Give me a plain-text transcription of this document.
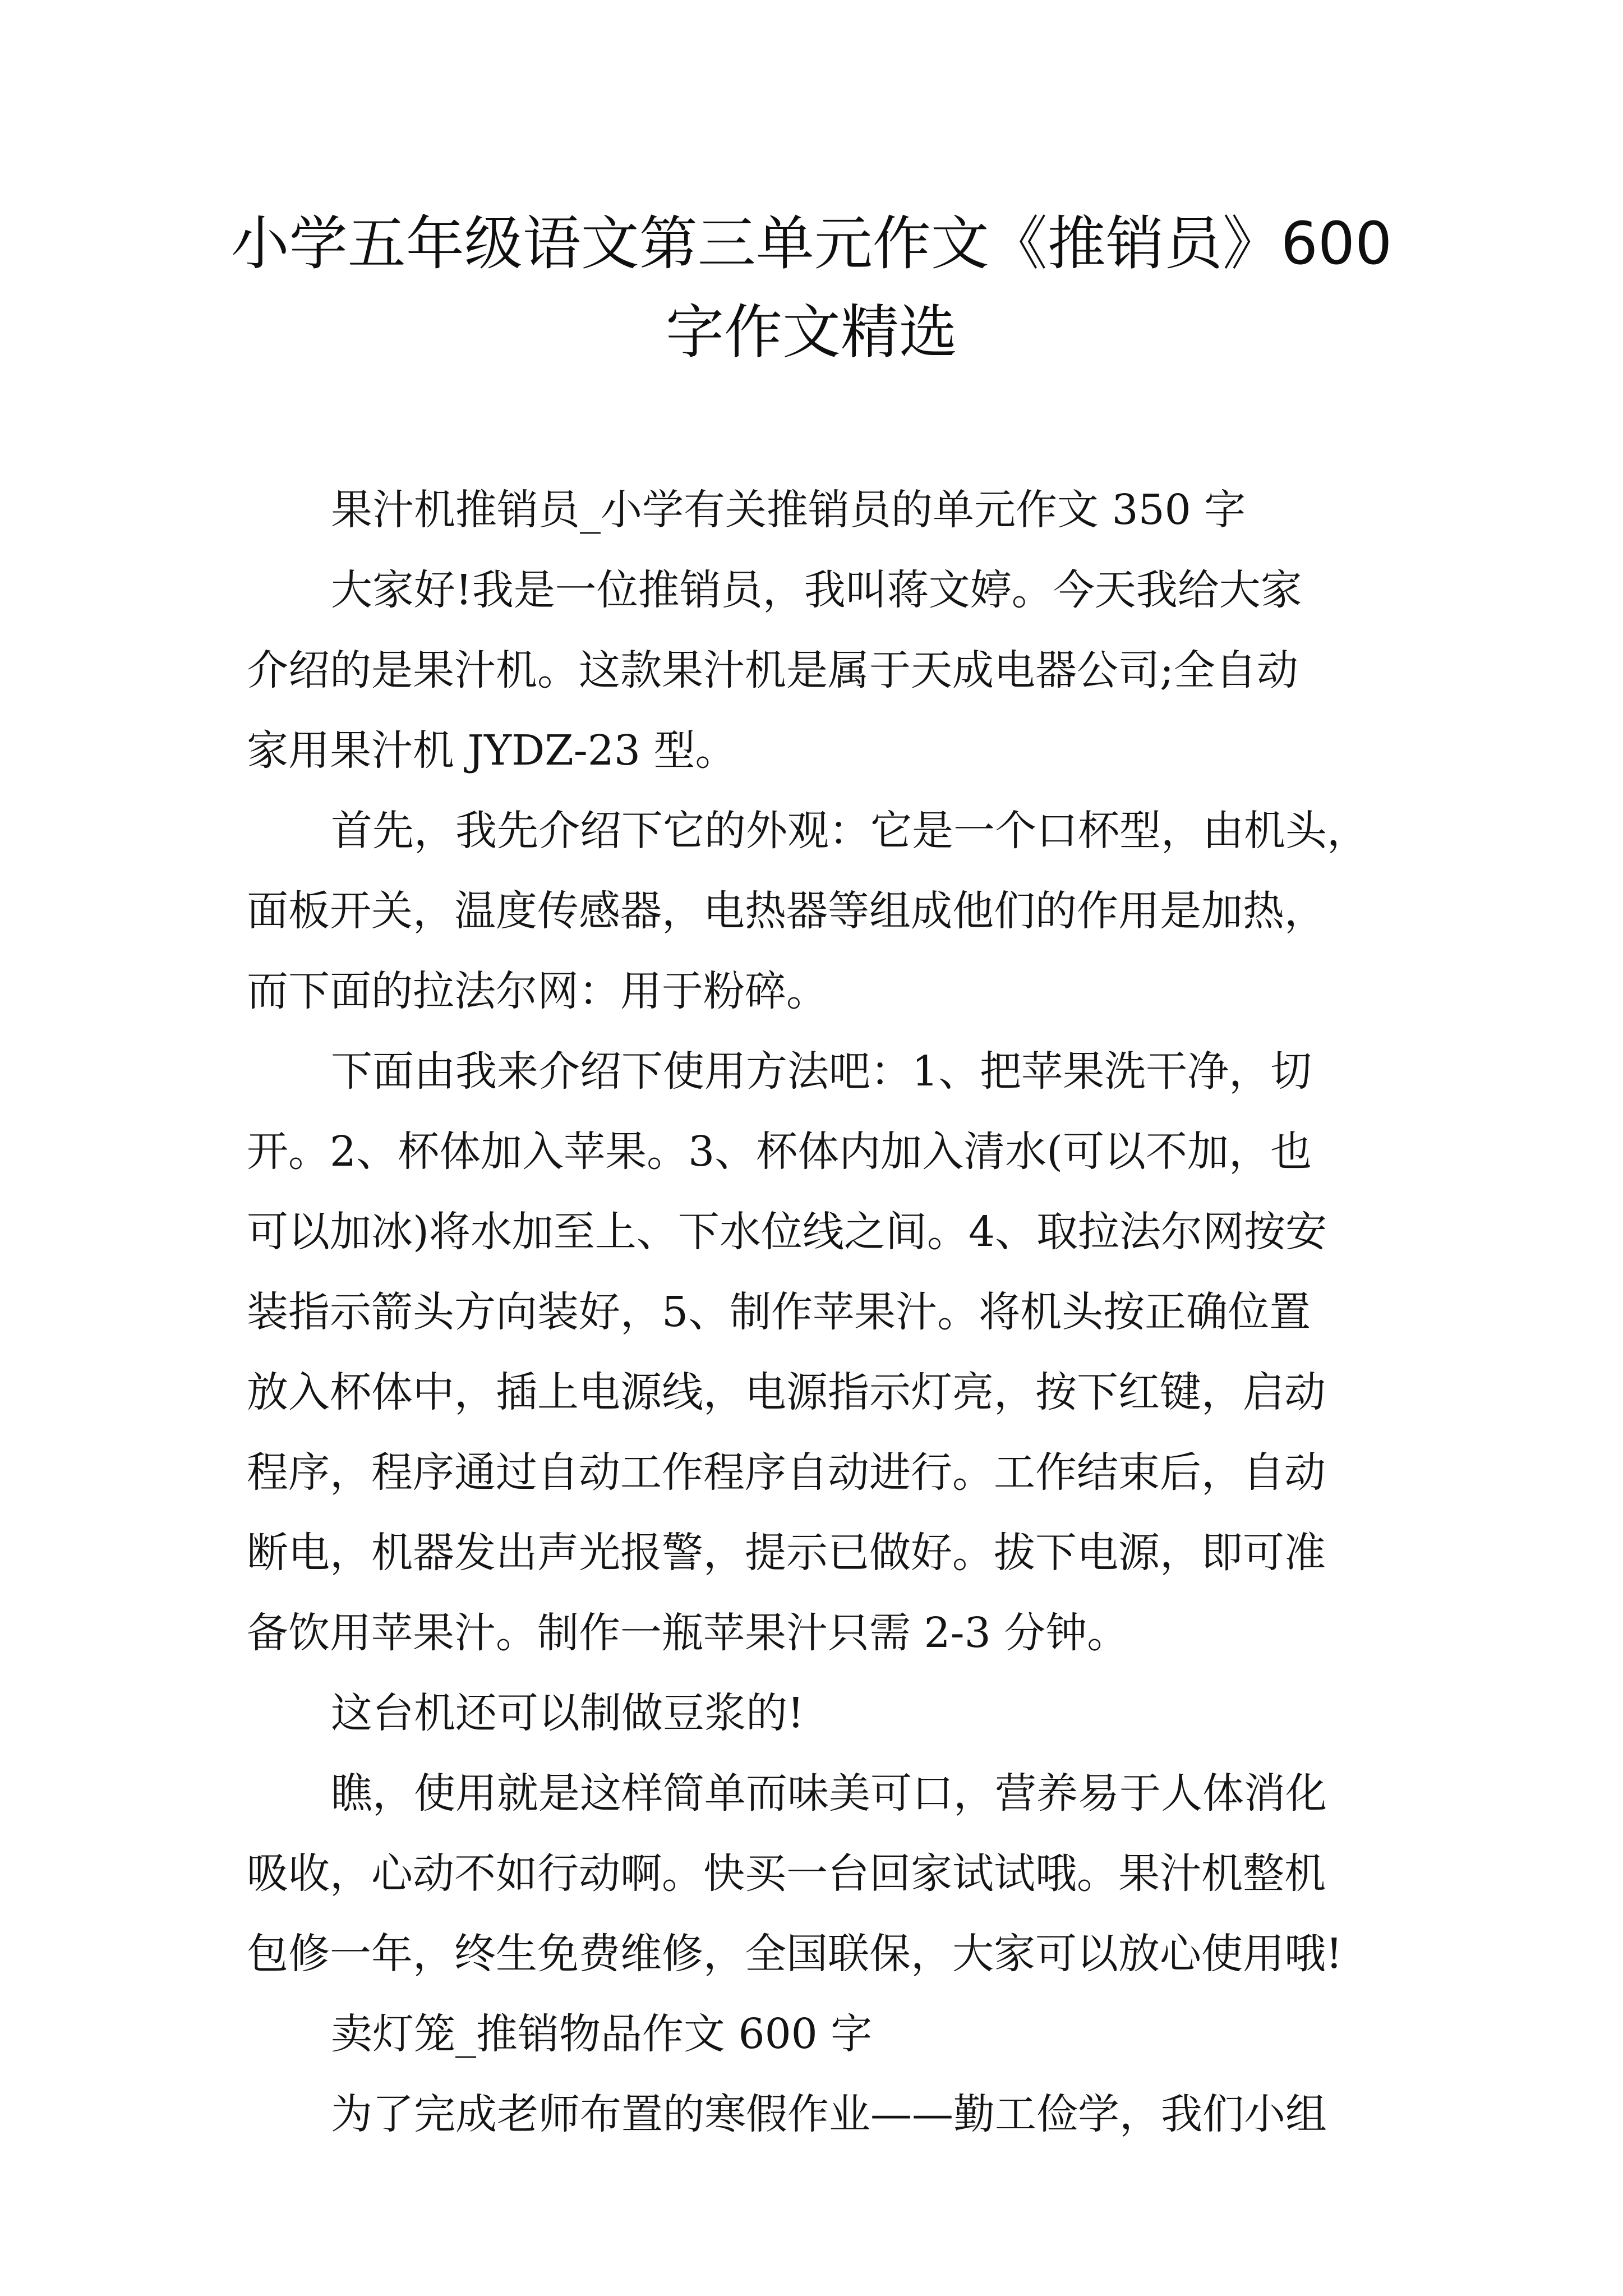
小学五年级语文第三单元作文《推销员》600
字作文精选
果汁机推销员_小学有关推销员的单元作文 350 字
大家好!我是一位推销员，我叫蒋文婷。今天我给大家
介绍的是果汁机。这款果汁机是属于天成电器公司;全自动
家用果汁机 JYDZ-23 型。
首先，我先介绍下它的外观：它是一个口杯型，由机头，
面板开关，温度传感器，电热器等组成他们的作用是加热，
而下面的拉法尔网：用于粉碎。
下面由我来介绍下使用方法吧：1、把苹果洗干净，切
开。2、杯体加入苹果。3、杯体内加入清水(可以不加，也
可以加冰)将水加至上、下水位线之间。4、取拉法尔网按安
装指示箭头方向装好，5、制作苹果汁。将机头按正确位置
放入杯体中，插上电源线，电源指示灯亮，按下红键，启动
程序，程序通过自动工作程序自动进行。工作结束后，自动
断电，机器发出声光报警，提示已做好。拔下电源，即可准
备饮用苹果汁。制作一瓶苹果汁只需 2-3 分钟。
这台机还可以制做豆浆的!
瞧，使用就是这样简单而味美可口，营养易于人体消化
吸收，心动不如行动啊。快买一台回家试试哦。果汁机整机
包修一年，终生免费维修，全国联保，大家可以放心使用哦!
卖灯笼_推销物品作文 600 字
为了完成老师布置的寒假作业——勤工俭学，我们小组
